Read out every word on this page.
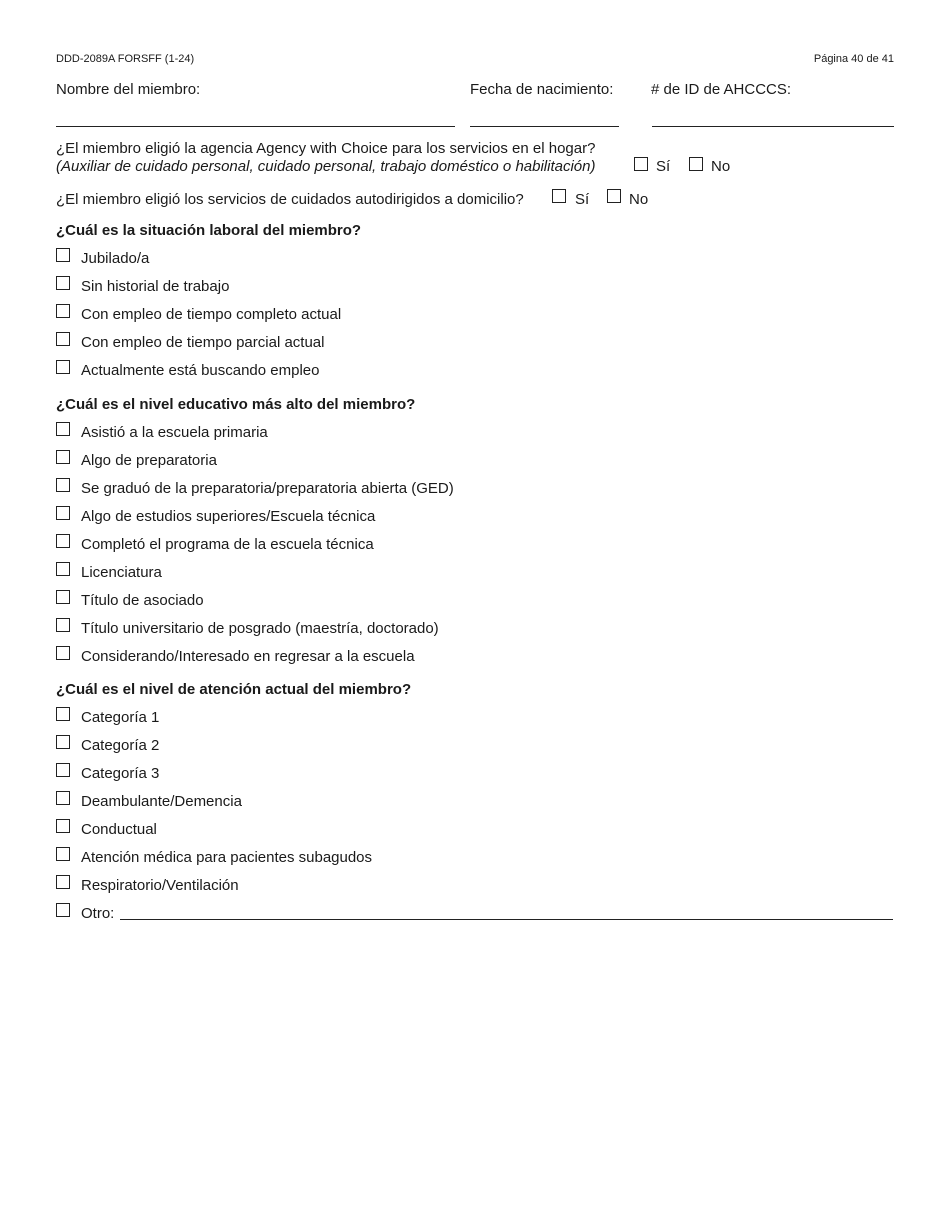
DDD-2089A FORSFF (1-24)	Página 40 de 41
Nombre del miembro:	Fecha de nacimiento:	# de ID de AHCCCS:
¿El miembro eligió la agencia Agency with Choice para los servicios en el hogar?
(Auxiliar de cuidado personal, cuidado personal, trabajo doméstico o habilitación)	Sí	No
¿El miembro eligió los servicios de cuidados autodirigidos a domicilio?	Sí	No
¿Cuál es la situación laboral del miembro?
Jubilado/a
Sin historial de trabajo
Con empleo de tiempo completo actual
Con empleo de tiempo parcial actual
Actualmente está buscando empleo
¿Cuál es el nivel educativo más alto del miembro?
Asistió a la escuela primaria
Algo de preparatoria
Se graduó de la preparatoria/preparatoria abierta (GED)
Algo de estudios superiores/Escuela técnica
Completó el programa de la escuela técnica
Licenciatura
Título de asociado
Título universitario de posgrado (maestría, doctorado)
Considerando/Interesado en regresar a la escuela
¿Cuál es el nivel de atención actual del miembro?
Categoría 1
Categoría 2
Categoría 3
Deambulante/Demencia
Conductual
Atención médica para pacientes subagudos
Respiratorio/Ventilación
Otro:
